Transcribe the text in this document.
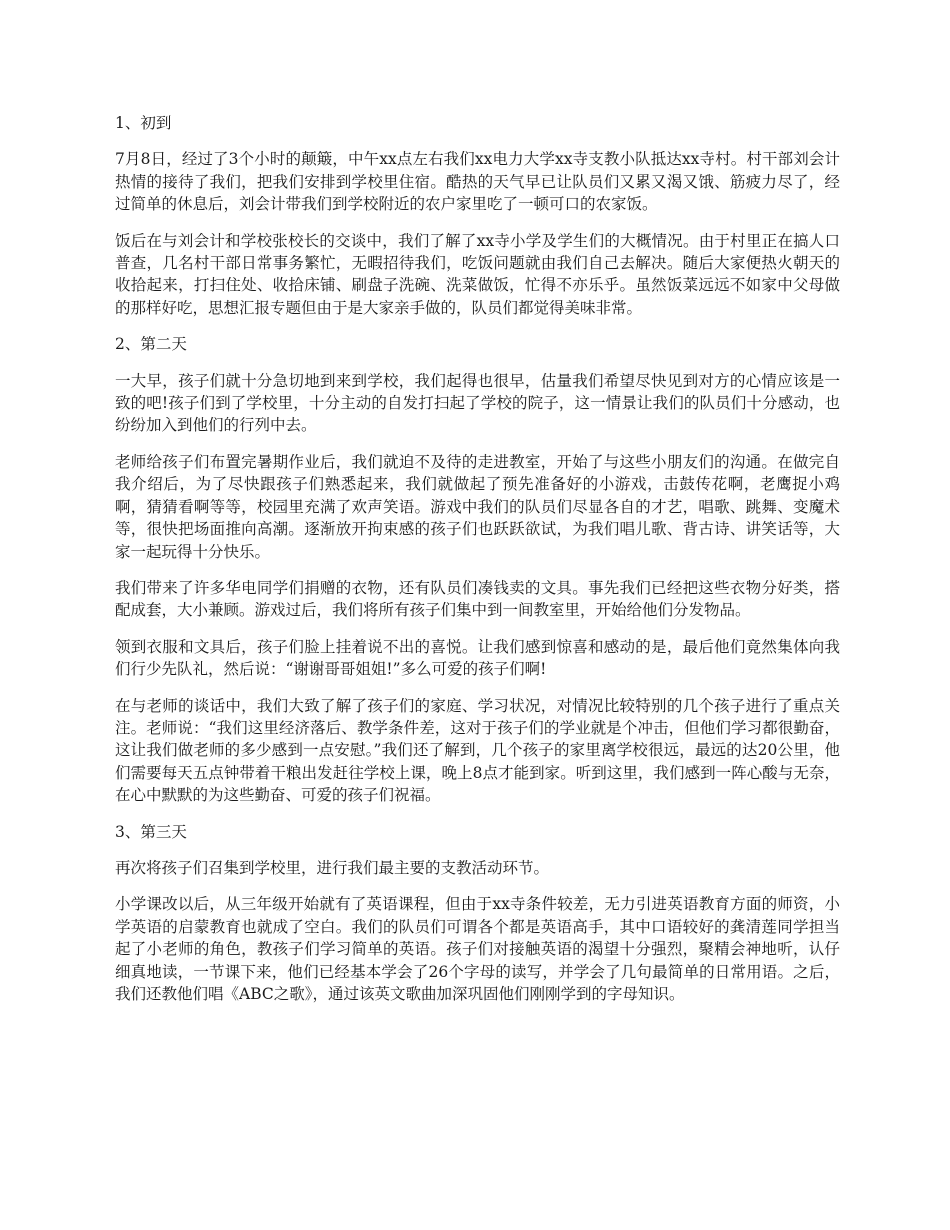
1、初到

7月8日，经过了3个小时的颠簸，中午xx点左右我们xx电力大学xx寺支教小队抵达xx寺村。村干部刘会计热情的接待了我们，把我们安排到学校里住宿。酷热的天气早已让队员们又累又渴又饿、筋疲力尽了，经过简单的休息后，刘会计带我们到学校附近的农户家里吃了一顿可口的农家饭。

饭后在与刘会计和学校张校长的交谈中，我们了解了xx寺小学及学生们的大概情况。由于村里正在搞人口普查，几名村干部日常事务繁忙，无暇招待我们，吃饭问题就由我们自己去解决。随后大家便热火朝天的收拾起来，打扫住处、收拾床铺、刷盘子洗碗、洗菜做饭，忙得不亦乐乎。虽然饭菜远远不如家中父母做的那样好吃，思想汇报专题但由于是大家亲手做的，队员们都觉得美味非常。

2、第二天

一大早，孩子们就十分急切地到来到学校，我们起得也很早，估量我们希望尽快见到对方的心情应该是一致的吧!孩子们到了学校里，十分主动的自发打扫起了学校的院子，这一情景让我们的队员们十分感动，也纷纷加入到他们的行列中去。

老师给孩子们布置完暑期作业后，我们就迫不及待的走进教室，开始了与这些小朋友们的沟通。在做完自我介绍后，为了尽快跟孩子们熟悉起来，我们就做起了预先准备好的小游戏，击鼓传花啊，老鹰捉小鸡啊，猜猜看啊等等，校园里充满了欢声笑语。游戏中我们的队员们尽显各自的才艺，唱歌、跳舞、变魔术等，很快把场面推向高潮。逐渐放开拘束感的孩子们也跃跃欲试，为我们唱儿歌、背古诗、讲笑话等，大家一起玩得十分快乐。

我们带来了许多华电同学们捐赠的衣物，还有队员们凑钱卖的文具。事先我们已经把这些衣物分好类，搭配成套，大小兼顾。游戏过后，我们将所有孩子们集中到一间教室里，开始给他们分发物品。

领到衣服和文具后，孩子们脸上挂着说不出的喜悦。让我们感到惊喜和感动的是，最后他们竟然集体向我们行少先队礼，然后说：“谢谢哥哥姐姐!”多么可爱的孩子们啊!

在与老师的谈话中，我们大致了解了孩子们的家庭、学习状况，对情况比较特别的几个孩子进行了重点关注。老师说：“我们这里经济落后、教学条件差，这对于孩子们的学业就是个冲击，但他们学习都很勤奋，这让我们做老师的多少感到一点安慰。”我们还了解到，几个孩子的家里离学校很远，最远的达20公里，他们需要每天五点钟带着干粮出发赶往学校上课，晚上8点才能到家。听到这里，我们感到一阵心酸与无奈，在心中默默的为这些勤奋、可爱的孩子们祝福。

3、第三天

再次将孩子们召集到学校里，进行我们最主要的支教活动环节。

小学课改以后，从三年级开始就有了英语课程，但由于xx寺条件较差，无力引进英语教育方面的师资，小学英语的启蒙教育也就成了空白。我们的队员们可谓各个都是英语高手，其中口语较好的龚清莲同学担当起了小老师的角色，教孩子们学习简单的英语。孩子们对接触英语的渴望十分强烈，聚精会神地听，认仔细真地读，一节课下来，他们已经基本学会了26个字母的读写，并学会了几句最简单的日常用语。之后，我们还教他们唱《ABC之歌》，通过该英文歌曲加深巩固他们刚刚学到的字母知识。
